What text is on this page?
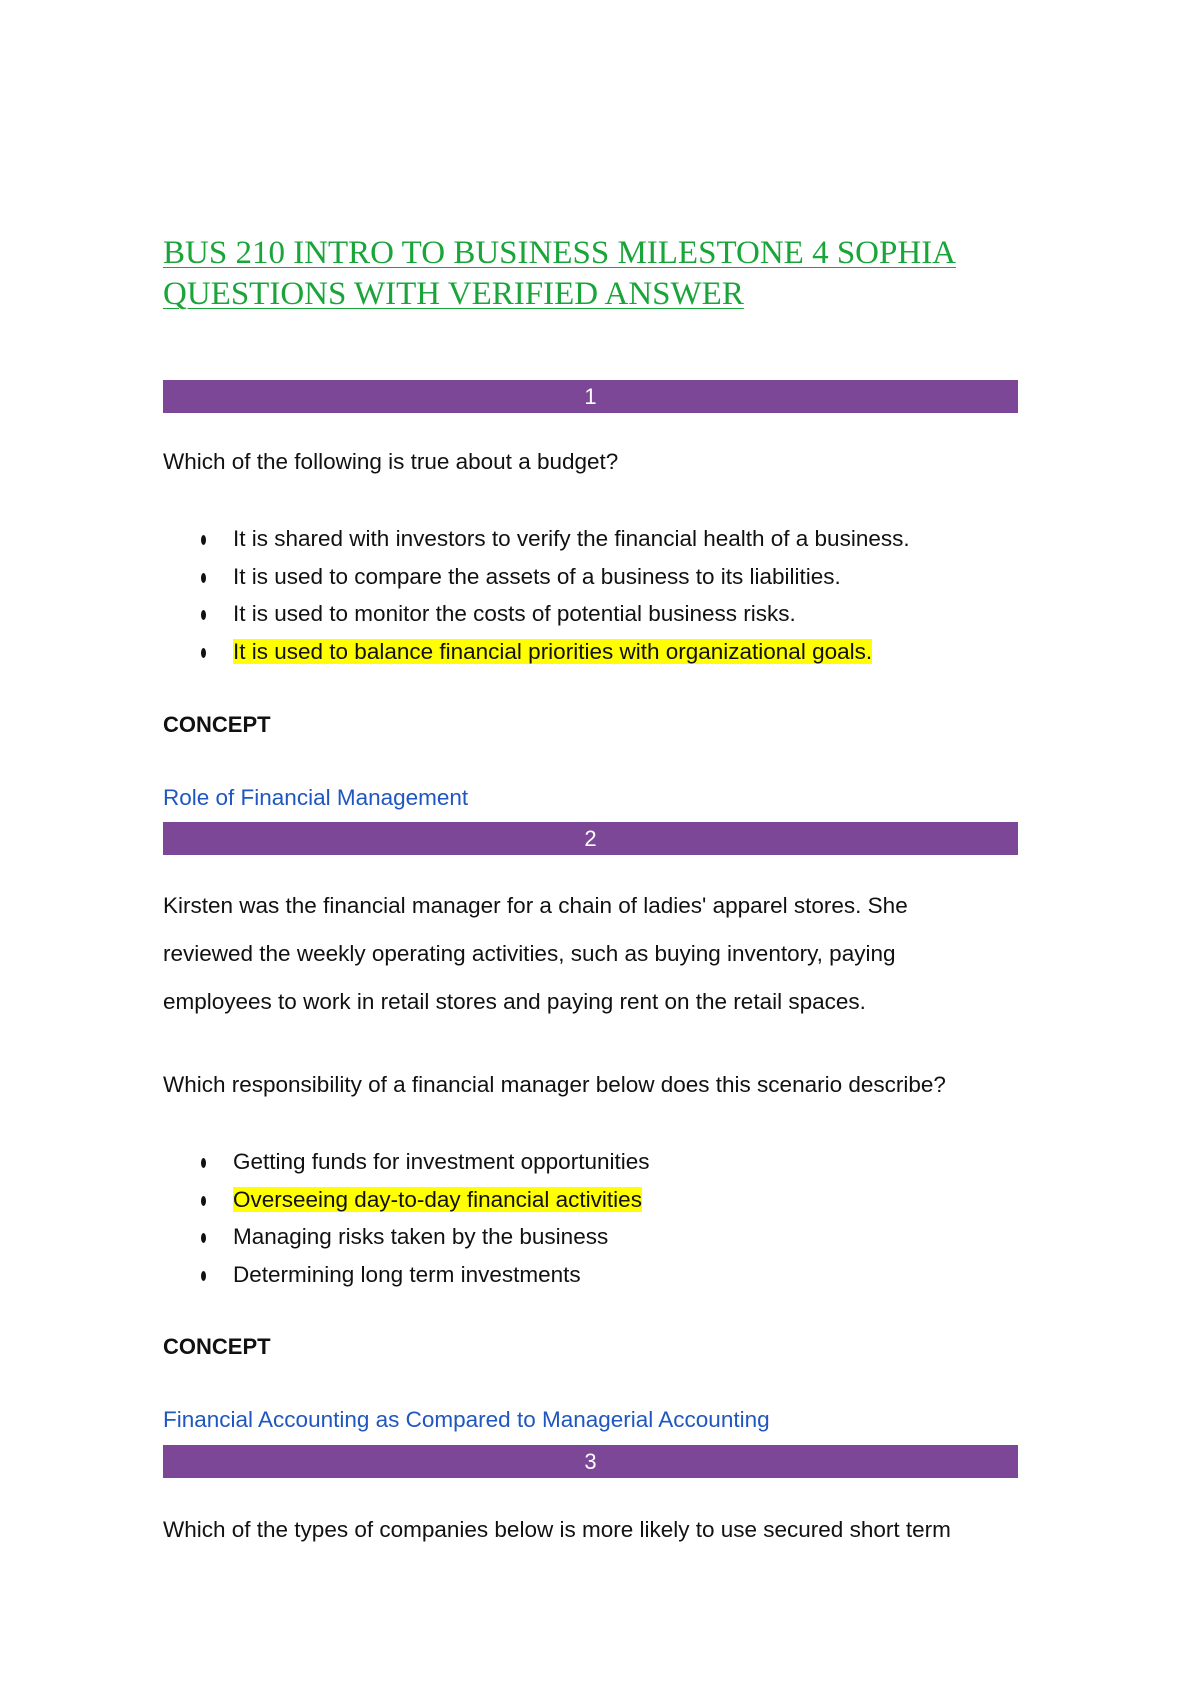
BUS 210 INTRO TO BUSINESS MILESTONE 4 SOPHIA
QUESTIONS WITH VERIFIED ANSWER
1

Which of the following is true about a budget?

It is shared with investors to verify the financial health of a business.
It is used to compare the assets of a business to its liabilities.
It is used to monitor the costs of potential business risks.
It is used to balance financial priorities with organizational goals.

CONCEPT

Role of Financial Management

2
Kirsten was the financial manager for a chain of ladies' apparel stores. She
reviewed the weekly operating activities, such as buying inventory, paying
employees to work in retail stores and paying rent on the retail spaces.

Which responsibility of a financial manager below does this scenario describe?

Getting funds for investment opportunities
Overseeing day-to-day financial activities
Managing risks taken by the business
Determining long term investments

CONCEPT

Financial Accounting as Compared to Managerial Accounting

3

Which of the types of companies below is more likely to use secured short term
